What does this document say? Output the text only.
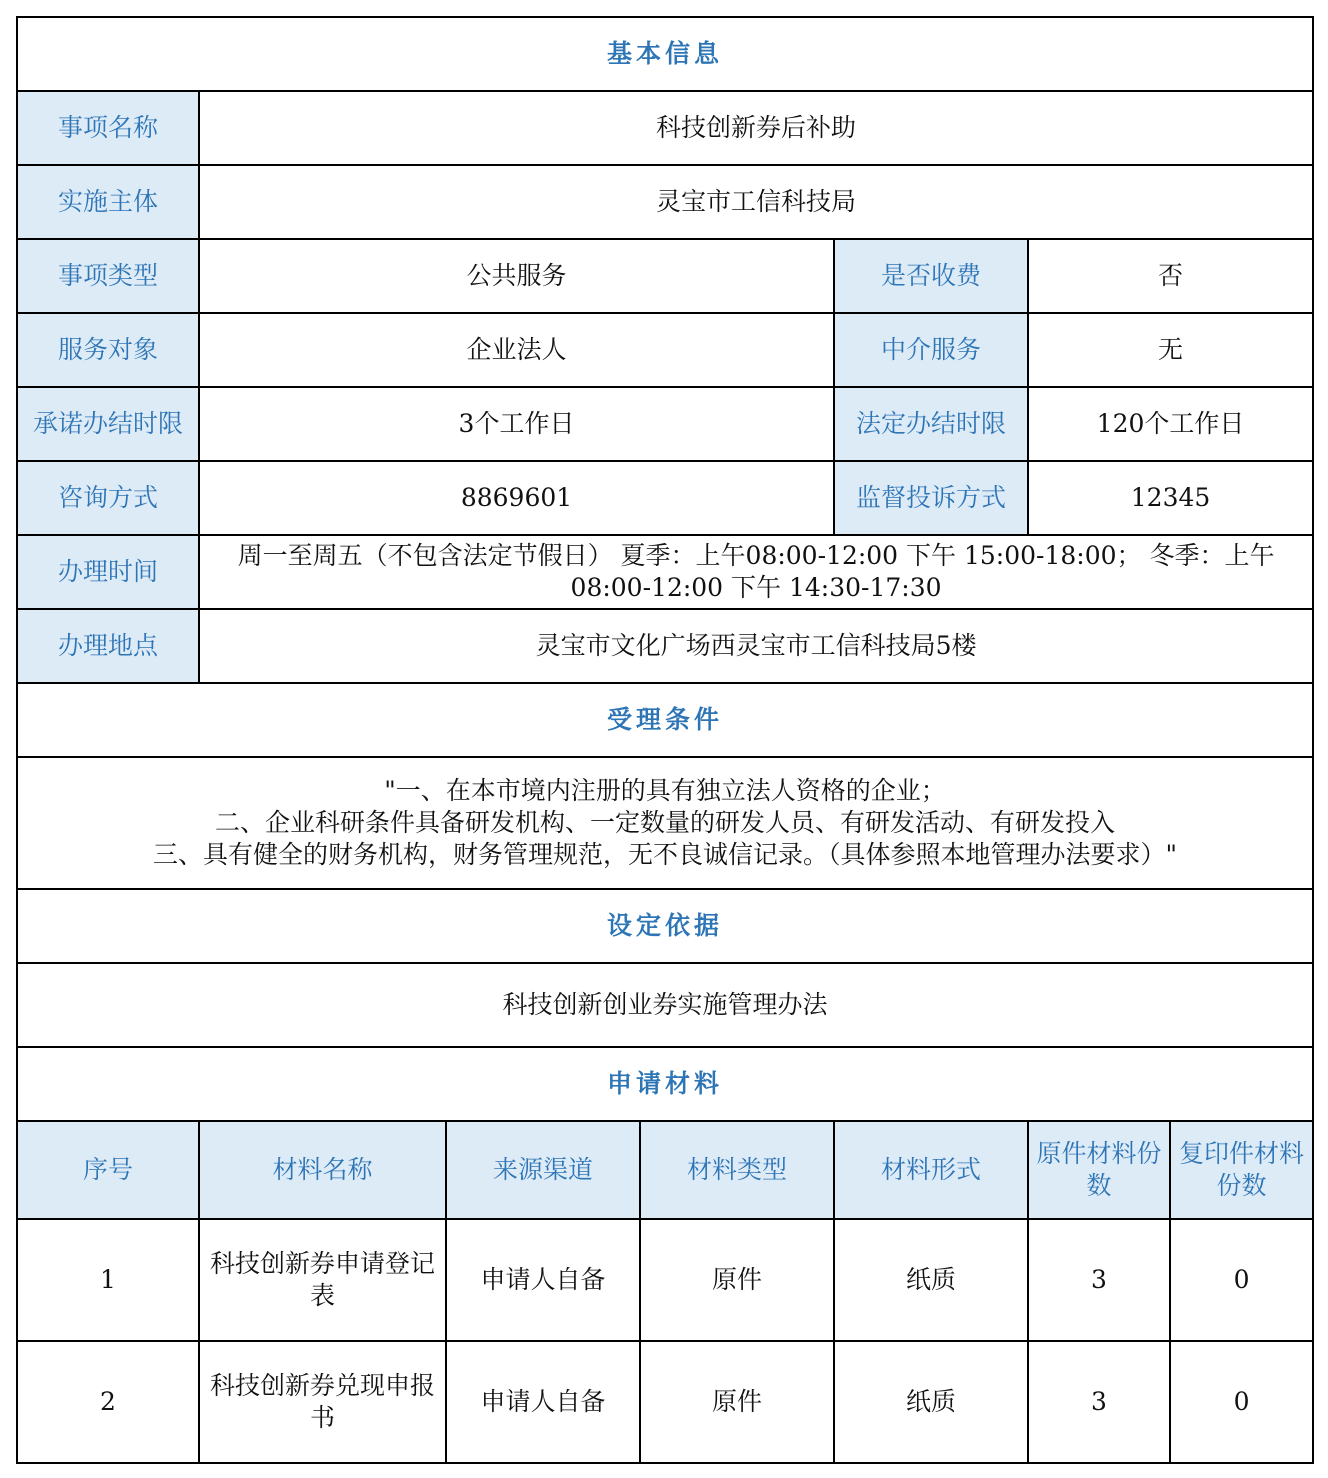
基本信息						
事项名称	科技创新券后补助					
实施主体	灵宝市工信科技局					
事项类型	公共服务			是否收费	否	
服务对象	企业法人			中介服务	无	
承诺办结时限	3个工作日			法定办结时限	120个工作日	
咨询方式	8869601			监督投诉方式	12345	
办理时间	周一至周五（不包含法定节假日） 夏季：上午08:00-12:00 下午 15:00-18:00； 冬季：上午08:00-12:00 下午 14:30-17:30					
办理地点	灵宝市文化广场西灵宝市工信科技局5楼					
受理条件						

"一、在本市境内注册的具有独立法人资格的企业；
二、企业科研条件具备研发机构、一定数量的研发人员、有研发活动、有研发投入
三、具有健全的财务机构，财务管理规范，无不良诚信记录。（具体参照本地管理办法要求）"						

设定依据						
科技创新创业券实施管理办法						
申请材料						
序号	材料名称	来源渠道	材料类型	材料形式	原件材料份数	复印件材料份数
1	科技创新券申请登记表	申请人自备	原件	纸质	3	0
2	科技创新券兑现申报书	申请人自备	原件	纸质	3	0
